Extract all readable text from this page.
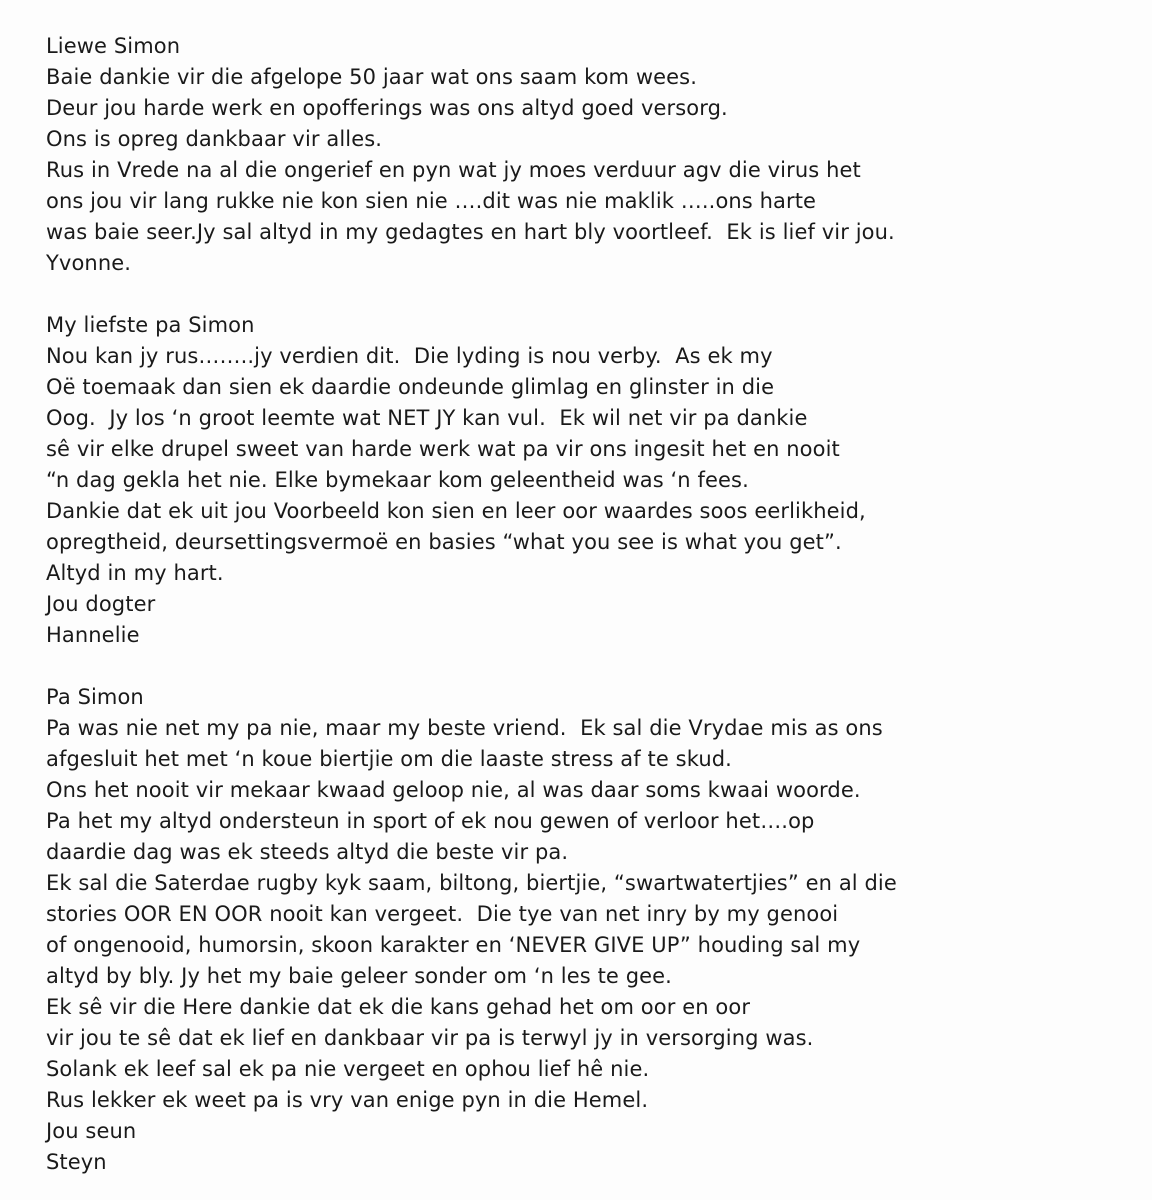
Liewe Simon
Baie dankie vir die afgelope 50 jaar wat ons saam kom wees.
Deur jou harde werk en opofferings was ons altyd goed versorg.
Ons is opreg dankbaar vir alles.
Rus in Vrede na al die ongerief en pyn wat jy moes verduur agv die virus het
ons jou vir lang rukke nie kon sien nie ….dit was nie maklik …..ons harte
was baie seer.Jy sal altyd in my gedagtes en hart bly voortleef.  Ek is lief vir jou.
Yvonne.
My liefste pa Simon
Nou kan jy rus……..jy verdien dit.  Die lyding is nou verby.  As ek my
Oë toemaak dan sien ek daardie ondeunde glimlag en glinster in die
Oog.  Jy los ‘n groot leemte wat NET JY kan vul.  Ek wil net vir pa dankie
sê vir elke drupel sweet van harde werk wat pa vir ons ingesit het en nooit
“n dag gekla het nie. Elke bymekaar kom geleentheid was ‘n fees.
Dankie dat ek uit jou Voorbeeld kon sien en leer oor waardes soos eerlikheid,
opregtheid, deursettingsvermoë en basies “what you see is what you get”.
Altyd in my hart.
Jou dogter
Hannelie
Pa Simon
Pa was nie net my pa nie, maar my beste vriend.  Ek sal die Vrydae mis as ons
afgesluit het met ‘n koue biertjie om die laaste stress af te skud.
Ons het nooit vir mekaar kwaad geloop nie, al was daar soms kwaai woorde.
Pa het my altyd ondersteun in sport of ek nou gewen of verloor het….op
daardie dag was ek steeds altyd die beste vir pa.
Ek sal die Saterdae rugby kyk saam, biltong, biertjie, “swartwatertjies” en al die
stories OOR EN OOR nooit kan vergeet.  Die tye van net inry by my genooi
of ongenooid, humorsin, skoon karakter en ‘NEVER GIVE UP” houding sal my
altyd by bly. Jy het my baie geleer sonder om ‘n les te gee.
Ek sê vir die Here dankie dat ek die kans gehad het om oor en oor
vir jou te sê dat ek lief en dankbaar vir pa is terwyl jy in versorging was.
Solank ek leef sal ek pa nie vergeet en ophou lief hê nie.
Rus lekker ek weet pa is vry van enige pyn in die Hemel.
Jou seun
Steyn
